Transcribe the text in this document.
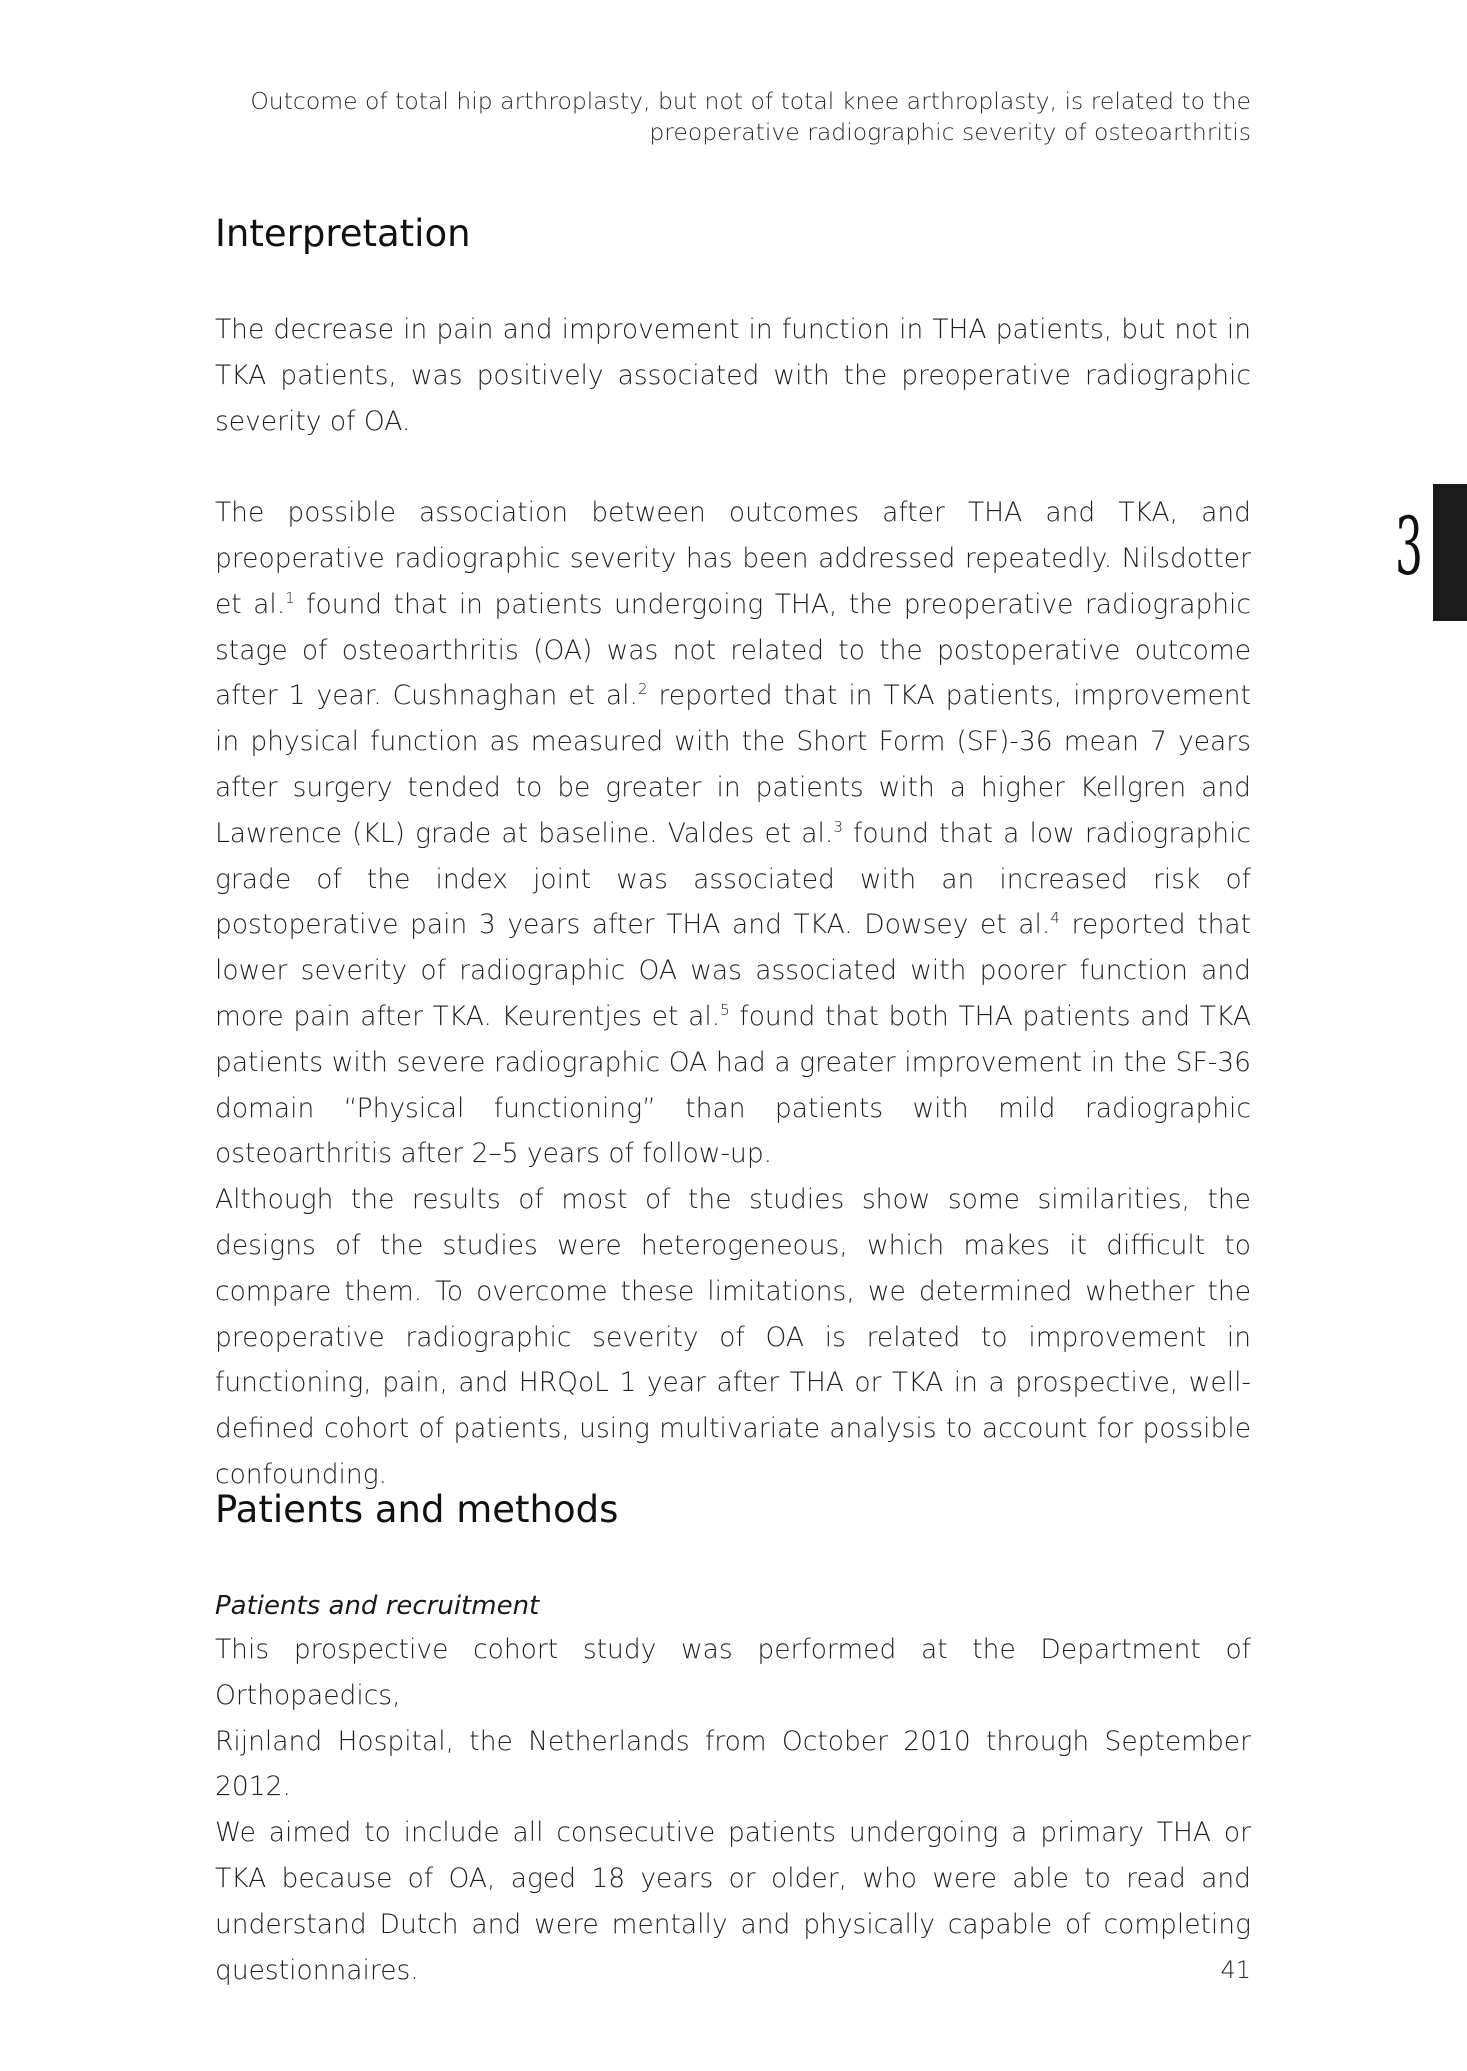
Outcome of total hip arthroplasty, but not of total knee arthroplasty, is related to the
preoperative radiographic severity of osteoarthritis
3
Interpretation

The decrease in pain and improvement in function in THA patients, but not in TKA patients, was positively associated with the preoperative radiographic severity of OA.

The possible association between outcomes after THA and TKA, and preoperative radiographic severity has been addressed repeatedly. Nilsdotter et al.$^1$ found that in patients undergoing THA, the preoperative radiographic stage of osteoarthritis (OA) was not related to the postoperative outcome after 1 year. Cushnaghan et al.$^2$ reported that in TKA patients, improvement in physical function as measured with the Short Form (SF)-36 mean 7 years after surgery tended to be greater in patients with a higher Kellgren and Lawrence (KL) grade at baseline. Valdes et al.$^3$ found that a low radiographic grade of the index joint was associated with an increased risk of postoperative pain 3 years after THA and TKA. Dowsey et al.$^4$ reported that lower severity of radiographic OA was associated with poorer function and more pain after TKA. Keurentjes et al.$^5$ found that both THA patients and TKA patients with severe radiographic OA had a greater improvement in the SF-36 domain “Physical functioning” than patients with mild radiographic osteoarthritis after 2–5 years of follow-up.

Although the results of most of the studies show some similarities, the designs of the studies were heterogeneous, which makes it difficult to compare them. To overcome these limitations, we determined whether the preoperative radiographic severity of OA is related to improvement in functioning, pain, and HRQoL 1 year after THA or TKA in a prospective, well-defined cohort of patients, using multivariate analysis to account for possible confounding.

Patients and methods
Patients and recruitment

This prospective cohort study was performed at the Department of Orthopaedics,

Rijnland Hospital, the Netherlands from October 2010 through September 2012.

We aimed to include all consecutive patients undergoing a primary THA or TKA because of OA, aged 18 years or older, who were able to read and understand Dutch and were mentally and physically capable of completing questionnaires.	41
